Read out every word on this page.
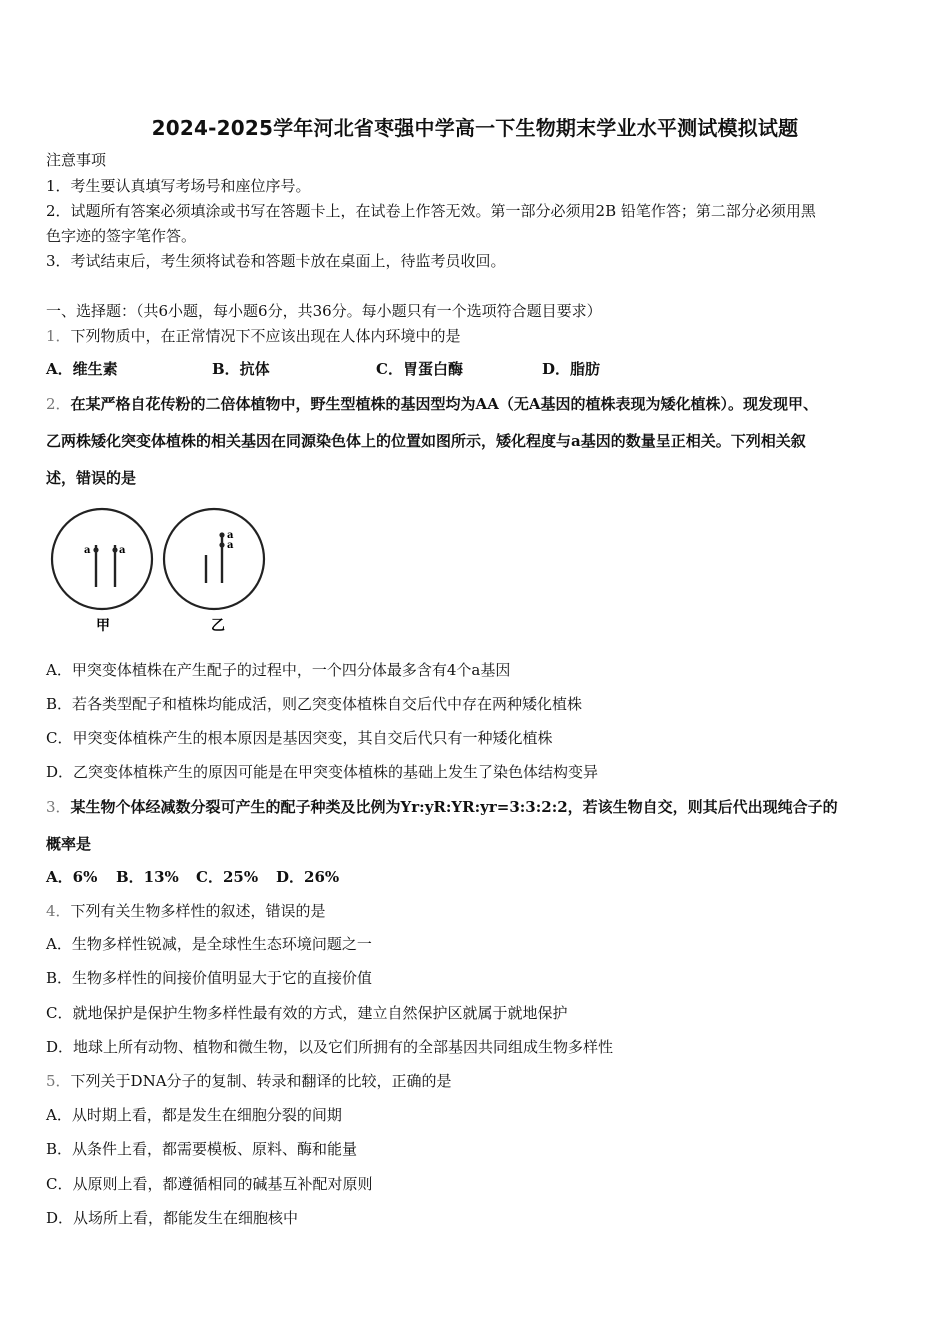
2024-2025学年河北省枣强中学高一下生物期末学业水平测试模拟试题
注意事项
1．考生要认真填写考场号和座位序号。
2．试题所有答案必须填涂或书写在答题卡上，在试卷上作答无效。第一部分必须用2B 铅笔作答；第二部分必须用黑
色字迹的签字笔作答。
3．考试结束后，考生须将试卷和答题卡放在桌面上，待监考员收回。
一、选择题：（共6小题，每小题6分，共36分。每小题只有一个选项符合题目要求）
1．下列物质中，在正常情况下不应该出现在人体内环境中的是
A．维生素	B．抗体	C．胃蛋白酶	D．脂肪
2．在某严格自花传粉的二倍体植物中，野生型植株的基因型均为AA（无A基因的植株表现为矮化植株）。现发现甲、
乙两株矮化突变体植株的相关基因在同源染色体上的位置如图所示，矮化程度与a基因的数量呈正相关。下列相关叙
述，错误的是
a	a
a
a
甲	乙
A．甲突变体植株在产生配子的过程中，一个四分体最多含有4个a基因
B．若各类型配子和植株均能成活，则乙突变体植株自交后代中存在两种矮化植株
C．甲突变体植株产生的根本原因是基因突变，其自交后代只有一种矮化植株
D．乙突变体植株产生的原因可能是在甲突变体植株的基础上发生了染色体结构变异
3．某生物个体经减数分裂可产生的配子种类及比例为Yr:yR:YR:yr=3:3:2:2，若该生物自交，则其后代出现纯合子的
概率是
A．6% B．13% C．25% D．26%
4．下列有关生物多样性的叙述，错误的是
A．生物多样性锐减，是全球性生态环境问题之一
B．生物多样性的间接价值明显大于它的直接价值
C．就地保护是保护生物多样性最有效的方式，建立自然保护区就属于就地保护
D．地球上所有动物、植物和微生物，以及它们所拥有的全部基因共同组成生物多样性
5．下列关于DNA分子的复制、转录和翻译的比较，正确的是
A．从时期上看，都是发生在细胞分裂的间期
B．从条件上看，都需要模板、原料、酶和能量
C．从原则上看，都遵循相同的碱基互补配对原则
D．从场所上看，都能发生在细胞核中
